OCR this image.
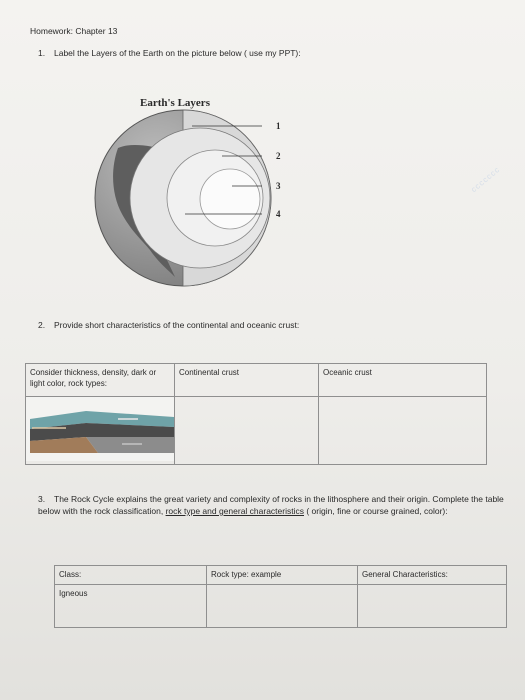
Homework: Chapter 13
1. Label the Layers of the Earth on the picture below ( use my PPT):
Earth's Layers
1
2
3
4
ccccccc
2. Provide short characteristics of the continental and oceanic crust:
Consider thickness, density, dark or light color, rock types:	Continental crust	Oceanic crust

3. The Rock Cycle explains the great variety and complexity of rocks in the lithosphere and their origin. Complete the table below with the rock classification, rock type and general characteristics ( origin, fine or course grained, color):
Class:	Rock type: example	General Characteristics:
Igneous		
